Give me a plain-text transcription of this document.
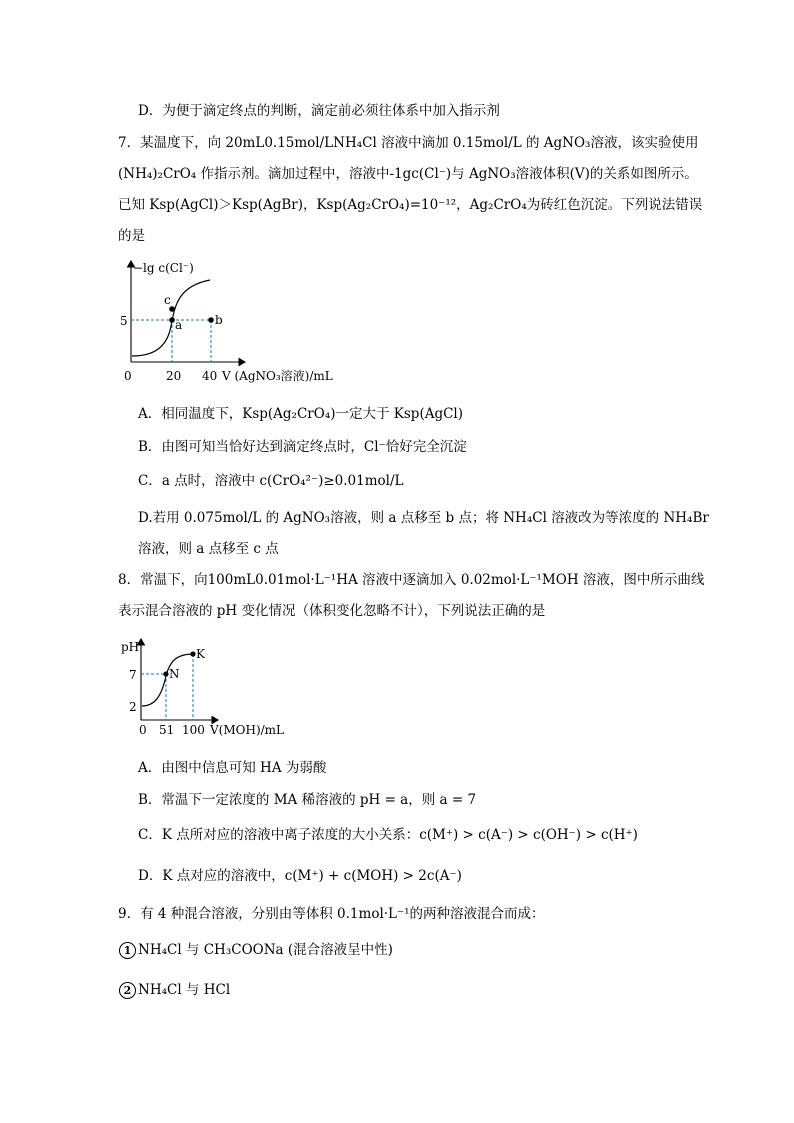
D．为便于滴定终点的判断，滴定前必须往体系中加入指示剂
7．某温度下，向 20mL0.15mol/LNH₄Cl 溶液中滴加 0.15mol/L 的 AgNO₃溶液，该实验使用
(NH₄)₂CrO₄ 作指示剂。滴加过程中，溶液中-1gc(Cl⁻)与 AgNO₃溶液体积(V)的关系如图所示。
已知 Ksp(AgCl)＞Ksp(AgBr)，Ksp(Ag₂CrO₄)=10⁻¹²，Ag₂CrO₄为砖红色沉淀。下列说法错误
的是
−lg c(Cl⁻)
5	a	b
c
0	20 40 V (AgNO₃溶液)/mL
A．相同温度下，Ksp(Ag₂CrO₄)一定大于 Ksp(AgCl)
B．由图可知当恰好达到滴定终点时，Cl⁻恰好完全沉淀
C．a 点时，溶液中 c(CrO₄²⁻)≥0.01mol/L
D.若用 0.075mol/L 的 AgNO₃溶液，则 a 点移至 b 点；将 NH₄Cl 溶液改为等浓度的 NH₄Br
溶液，则 a 点移至 c 点
8．常温下，向100mL0.01mol·L⁻¹HA 溶液中逐滴加入 0.02mol·L⁻¹MOH 溶液，图中所示曲线
表示混合溶液的 pH 变化情况（体积变化忽略不计），下列说法正确的是
pH
7
2
N
K
0 51 100 V(MOH)/mL
A．由图中信息可知 HA 为弱酸
B．常温下一定浓度的 MA 稀溶液的 pH = a，则 a = 7
C．K 点所对应的溶液中离子浓度的大小关系：c(M⁺) > c(A⁻) > c(OH⁻) > c(H⁺)
D．K 点对应的溶液中，c(M⁺) + c(MOH) > 2c(A⁻)
9．有 4 种混合溶液，分别由等体积 0.1mol·L⁻¹的两种溶液混合而成：
1 NH₄Cl 与 CH₃COONa (混合溶液呈中性)
2 NH₄Cl 与 HCl
